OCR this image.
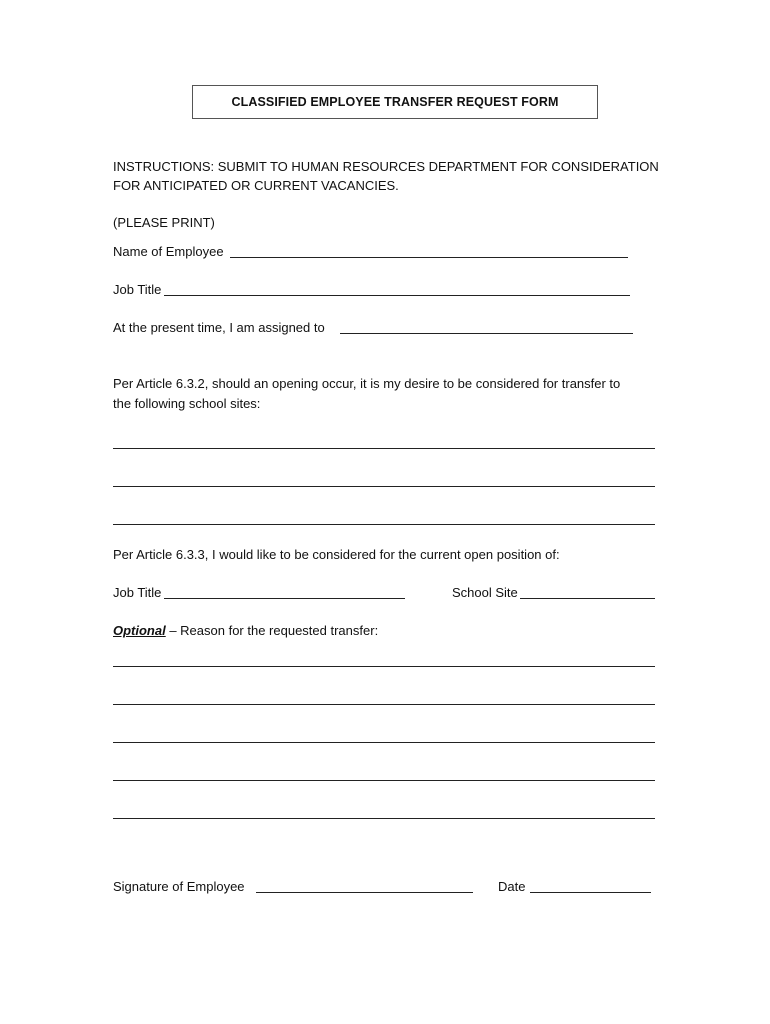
CLASSIFIED EMPLOYEE TRANSFER REQUEST FORM
INSTRUCTIONS: SUBMIT TO HUMAN RESOURCES DEPARTMENT FOR CONSIDERATION
FOR ANTICIPATED OR CURRENT VACANCIES.
(PLEASE PRINT)
Name of Employee
Job Title
At the present time, I am assigned to
Per Article 6.3.2, should an opening occur, it is my desire to be considered for transfer to
the following school sites:
Per Article 6.3.3, I would like to be considered for the current open position of:
Job Title	School Site
Optional – Reason for the requested transfer:
Signature of Employee	Date
